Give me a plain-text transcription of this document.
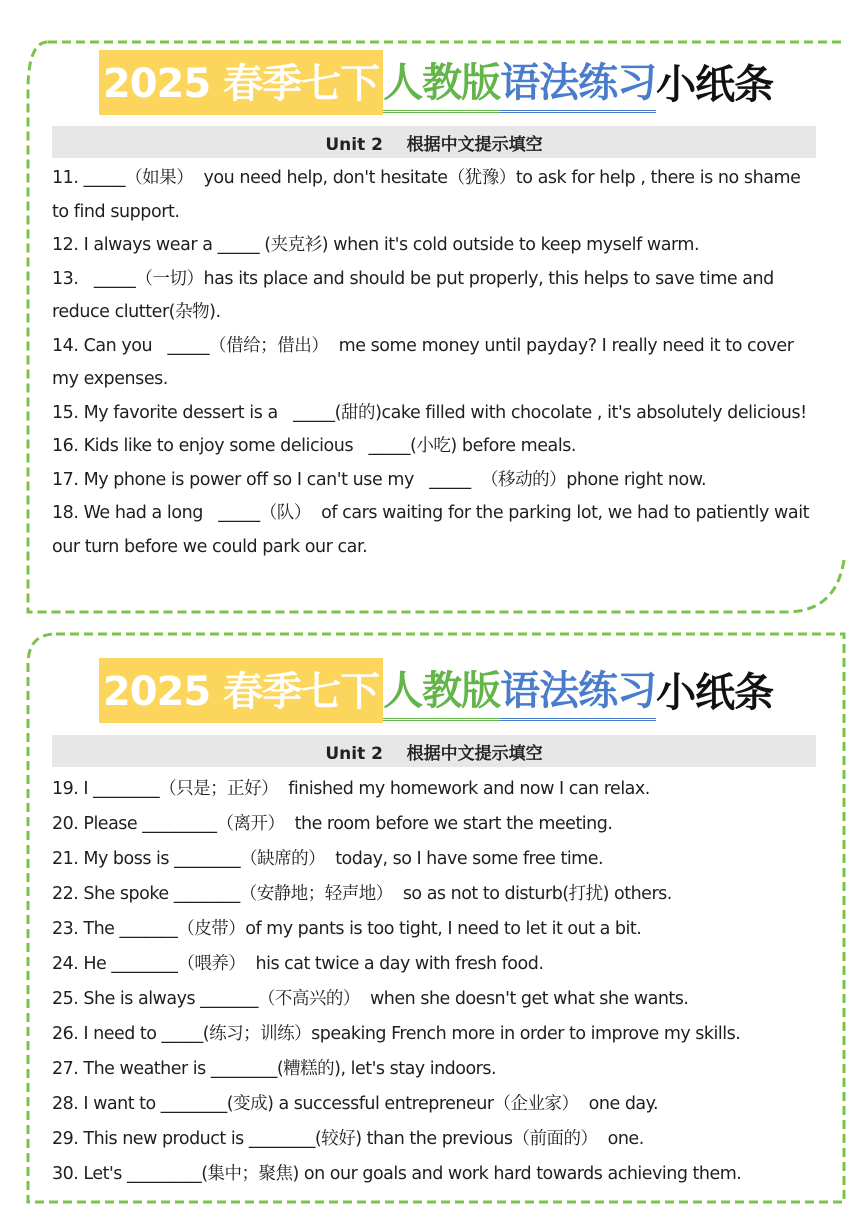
2025 春季七下 人教版 语法练习 小纸条
Unit 2    根据中文提示填空
11. _____（如果）  you need help, don't hesitate（犹豫）to ask for help , there is no shame to find support.
12. I always wear a _____ (夹克衫) when it's cold outside to keep myself warm.
13.   _____（一切）has its place and should be put properly, this helps to save time and reduce clutter(杂物).
14. Can you   _____（借给；借出）  me some money until payday? I really need it to cover my expenses.
15. My favorite dessert is a   _____(甜的)cake filled with chocolate , it's absolutely delicious!
16. Kids like to enjoy some delicious   _____(小吃) before meals.
17. My phone is power off so I can't use my   _____  （移动的）phone right now.
18. We had a long   _____（队）  of cars waiting for the parking lot, we had to patiently wait our turn before we could park our car.
2025 春季七下 人教版 语法练习 小纸条
Unit 2    根据中文提示填空
19. I ________（只是；正好）  finished my homework and now I can relax.
20. Please _________（离开）  the room before we start the meeting.
21. My boss is ________（缺席的）  today, so I have some free time.
22. She spoke ________（安静地；轻声地）  so as not to disturb(打扰) others.
23. The _______（皮带）of my pants is too tight, I need to let it out a bit.
24. He ________（喂养）  his cat twice a day with fresh food.
25. She is always _______（不高兴的）  when she doesn't get what she wants.
26. I need to _____(练习；训练）speaking French more in order to improve my skills.
27. The weather is ________(糟糕的), let's stay indoors.
28. I want to ________(变成) a successful entrepreneur（企业家）  one day.
29. This new product is ________(较好) than the previous（前面的）  one.
30. Let's _________(集中；聚焦) on our goals and work hard towards achieving them.
